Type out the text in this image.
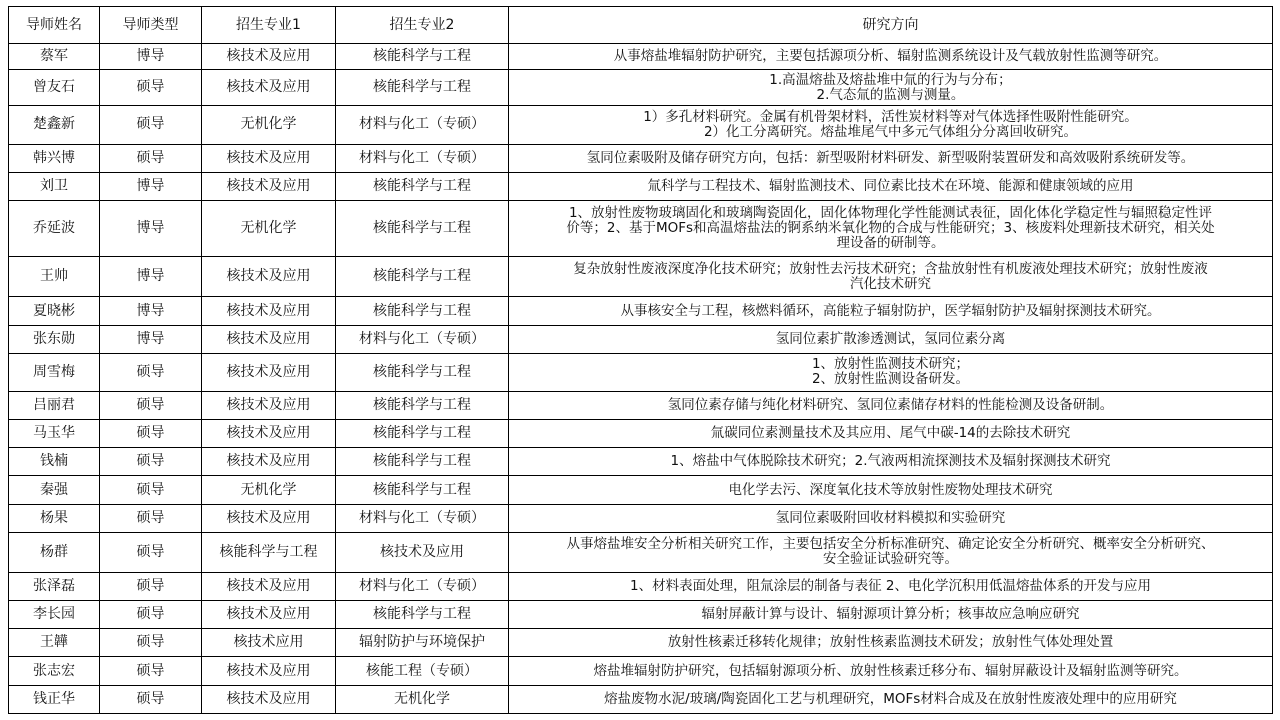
导师姓名	导师类型	招生专业1	招生专业2	研究方向
蔡军	博导	核技术及应用	核能科学与工程	从事熔盐堆辐射防护研究，主要包括源项分析、辐射监测系统设计及气载放射性监测等研究。

曾友石	硕导	核技术及应用	核能科学与工程	1.高温熔盐及熔盐堆中氚的行为与分布；
2.气态氚的监测与测量。

楚鑫新	硕导	无机化学	材料与化工（专硕）	1）多孔材料研究。金属有机骨架材料，活性炭材料等对气体选择性吸附性能研究。
2）化工分离研究。熔盐堆尾气中多元气体组分分离回收研究。

韩兴博	硕导	核技术及应用	材料与化工（专硕）	氢同位素吸附及储存研究方向，包括：新型吸附材料研发、新型吸附装置研发和高效吸附系统研发等。

刘卫	博导	核技术及应用	核能科学与工程	氚科学与工程技术、辐射监测技术、同位素比技术在环境、能源和健康领域的应用

乔延波	博导	无机化学	核能科学与工程	1、放射性废物玻璃固化和玻璃陶瓷固化，固化体物理化学性能测试表征，固化体化学稳定性与辐照稳定性评
价等；2、基于MOFs和高温熔盐法的锕系纳米氧化物的合成与性能研究；3、核废料处理新技术研究，相关处
理设备的研制等。

王帅	博导	核技术及应用	核能科学与工程	复杂放射性废液深度净化技术研究；放射性去污技术研究；含盐放射性有机废液处理技术研究；放射性废液
汽化技术研究

夏晓彬	博导	核技术及应用	核能科学与工程	从事核安全与工程，核燃料循环，高能粒子辐射防护，医学辐射防护及辐射探测技术研究。

张东勋	博导	核技术及应用	材料与化工（专硕）	氢同位素扩散渗透测试，氢同位素分离

周雪梅	硕导	核技术及应用	核能科学与工程	1、放射性监测技术研究；
2、放射性监测设备研发。

吕丽君	硕导	核技术及应用	核能科学与工程	氢同位素存储与纯化材料研究、氢同位素储存材料的性能检测及设备研制。

马玉华	硕导	核技术及应用	核能科学与工程	氚碳同位素测量技术及其应用、尾气中碳-14的去除技术研究

钱楠	硕导	核技术及应用	核能科学与工程	1、熔盐中气体脱除技术研究；2.气液两相流探测技术及辐射探测技术研究

秦强	硕导	无机化学	核能科学与工程	电化学去污、深度氧化技术等放射性废物处理技术研究

杨果	硕导	核技术及应用	材料与化工（专硕）	氢同位素吸附回收材料模拟和实验研究

杨群	硕导	核能科学与工程	核技术及应用	从事熔盐堆安全分析相关研究工作，主要包括安全分析标准研究、确定论安全分析研究、概率安全分析研究、
安全验证试验研究等。

张泽磊	硕导	核技术及应用	材料与化工（专硕）	1、材料表面处理，阻氚涂层的制备与表征 2、电化学沉积用低温熔盐体系的开发与应用

李长园	硕导	核技术及应用	核能科学与工程	辐射屏蔽计算与设计、辐射源项计算分析；核事故应急响应研究

王韡	硕导	核技术应用	辐射防护与环境保护	放射性核素迁移转化规律；放射性核素监测技术研发；放射性气体处理处置

张志宏	硕导	核技术及应用	核能工程（专硕）	熔盐堆辐射防护研究，包括辐射源项分析、放射性核素迁移分布、辐射屏蔽设计及辐射监测等研究。

钱正华	硕导	核技术及应用	无机化学	熔盐废物水泥/玻璃/陶瓷固化工艺与机理研究，MOFs材料合成及在放射性废液处理中的应用研究
